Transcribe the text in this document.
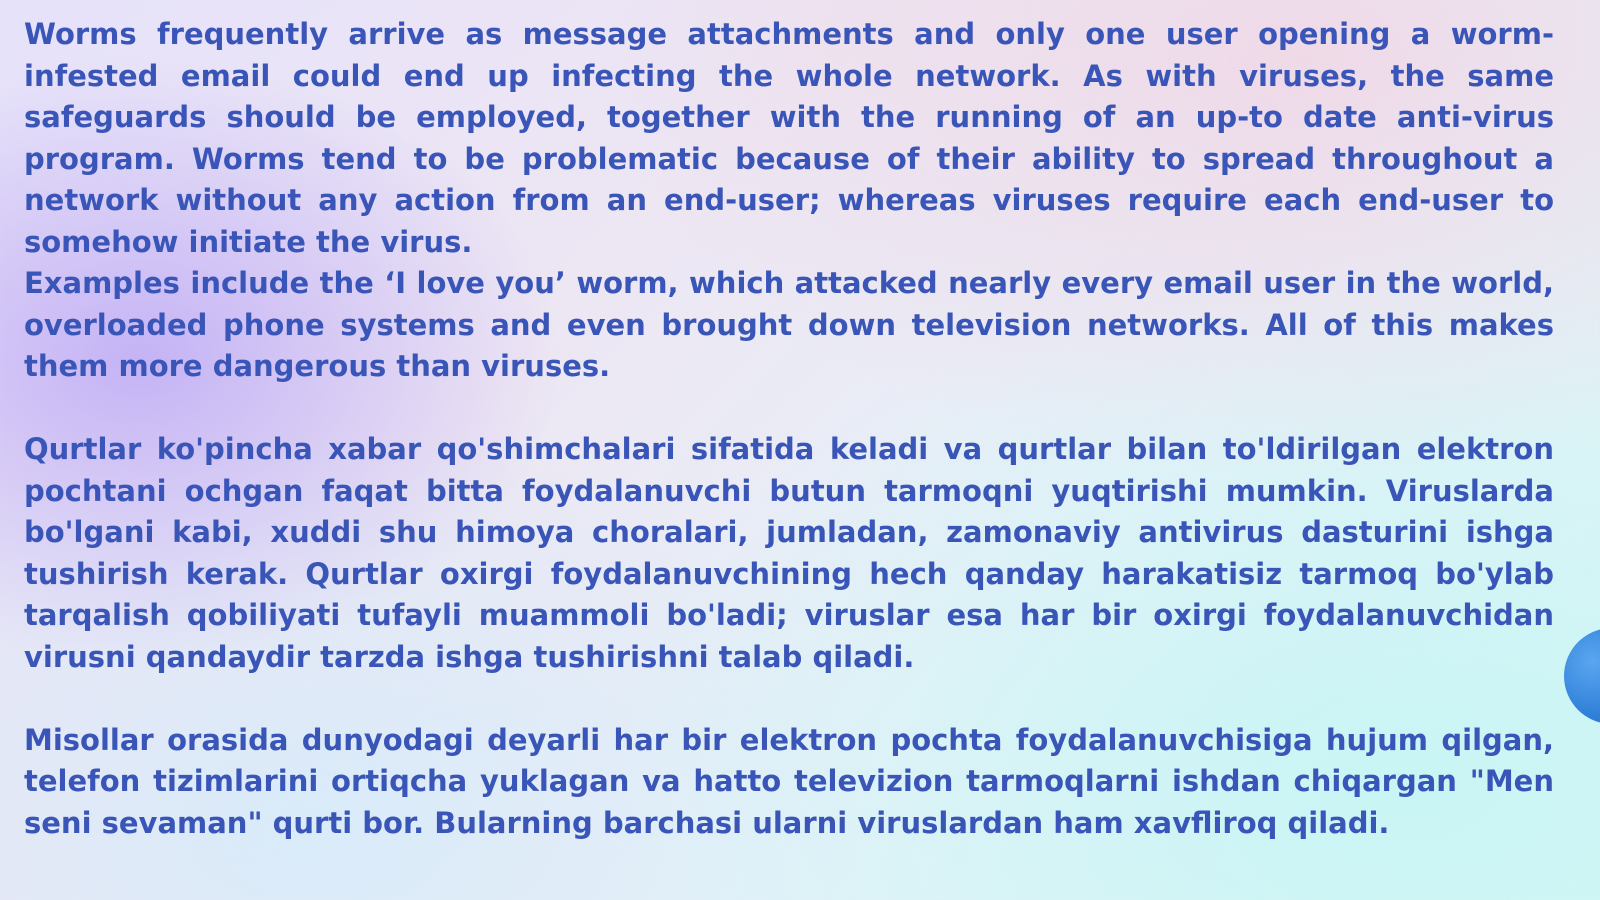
Worms frequently arrive as message attachments and only one user opening a worm-infested email could end up infecting the whole network. As with viruses, the same safeguards should be employed, together with the running of an up-to date anti-virus program. Worms tend to be problematic because of their ability to spread throughout a network without any action from an end-user; whereas viruses require each end-user to somehow initiate the virus.

Examples include the ‘I love you’ worm, which attacked nearly every email user in the world, overloaded phone systems and even brought down television networks. All of this makes them more dangerous than viruses.

Qurtlar ko'pincha xabar qo'shimchalari sifatida keladi va qurtlar bilan to'ldirilgan elektron pochtani ochgan faqat bitta foydalanuvchi butun tarmoqni yuqtirishi mumkin. Viruslarda bo'lgani kabi, xuddi shu himoya choralari, jumladan, zamonaviy antivirus dasturini ishga tushirish kerak. Qurtlar oxirgi foydalanuvchining hech qanday harakatisiz tarmoq bo'ylab tarqalish qobiliyati tufayli muammoli bo'ladi; viruslar esa har bir oxirgi foydalanuvchidan virusni qandaydir tarzda ishga tushirishni talab qiladi.

Misollar orasida dunyodagi deyarli har bir elektron pochta foydalanuvchisiga hujum qilgan, telefon tizimlarini ortiqcha yuklagan va hatto televizion tarmoqlarni ishdan chiqargan "Men seni sevaman" qurti bor. Bularning barchasi ularni viruslardan ham xavfliroq qiladi.
